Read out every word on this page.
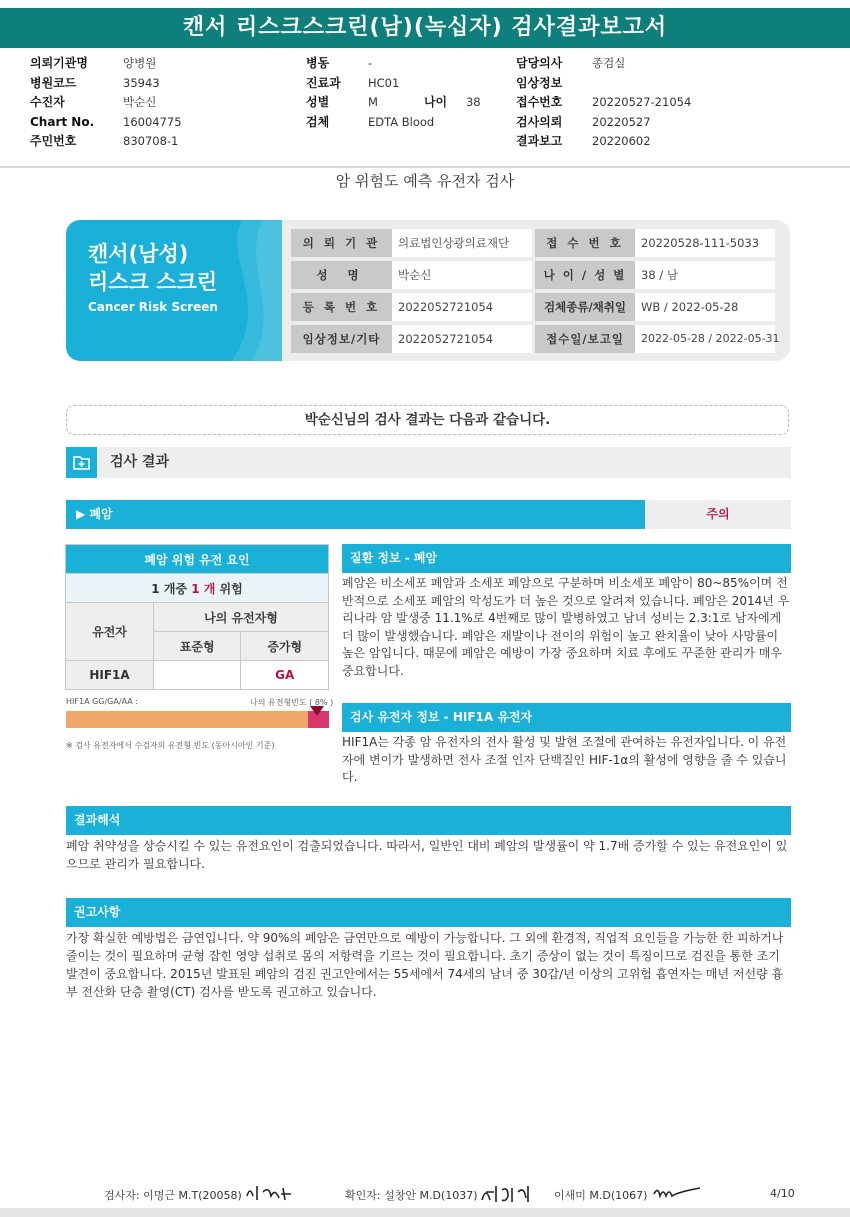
캔서 리스크스크린(남)(녹십자) 검사결과보고서
의뢰기관명	양병원
병원코드	35943
수진자	박순신
Chart No.	16004775
주민번호	830708-1
병동	-
진료과 HC01
성별	M	나이 38
검체	EDTA Blood
담당의사	종검실
임상정보
접수번호	20220527-21054
검사의뢰	20220527
결과보고	20220602
암 위험도 예측 유전자 검사
캔서(남성)
리스크 스크린
Cancer Risk Screen
의 뢰 기 관	의료법인상광의료재단	접 수 번 호	20220528-111-5033
성 명	박순신	나 이 / 성 별	38 / 남
등 록 번 호	2022052721054	검체종류/채취일	WB / 2022-05-28
임상정보/기타	2022052721054	접수일/보고일	2022-05-28 / 2022-05-31
박순신님의 검사 결과는 다음과 같습니다.
검사 결과
▶ 폐암	주의
폐암 위험 유전 요인		
1 개중 1 개 위험		
유전자	나의 유전자형	
	표준형	증가형
HIF1A		GA
HIF1A GG/GA/AA :	나의 유전형빈도 ( 8% )
※ 검사 유전자에서 수검자의 유전형 빈도 (동아시아인 기준)
질환 정보 - 폐암
폐암은 비소세포 폐암과 소세포 폐암으로 구분하며 비소세포 폐암이 80~85%이며 전반적으로 소세포 폐암의 악성도가 더 높은 것으로 알려져 있습니다. 폐암은 2014년 우리나라 암 발생중 11.1%로 4번째로 많이 발병하였고 남녀 성비는 2.3:1로 남자에게 더 많이 발생했습니다. 폐암은 재발이나 전이의 위험이 높고 완치율이 낮아 사망률이 높은 암입니다. 때문에 폐암은 예방이 가장 중요하며 치료 후에도 꾸준한 관리가 매우 중요합니다.
검사 유전자 정보 - HIF1A 유전자
HIF1A는 각종 암 유전자의 전사 활성 및 발현 조절에 관여하는 유전자입니다. 이 유전자에 변이가 발생하면 전사 조절 인자 단백질인 HIF-1α의 활성에 영향을 줄 수 있습니다.
결과해석
폐암 취약성을 상승시킬 수 있는 유전요인이 검출되었습니다. 따라서, 일반인 대비 폐암의 발생률이 약 1.7배 증가할 수 있는 유전요인이 있으므로 관리가 필요합니다.
권고사항
가장 확실한 예방법은 금연입니다. 약 90%의 폐암은 금연만으로 예방이 가능합니다. 그 외에 환경적, 직업적 요인들을 가능한 한 피하거나 줄이는 것이 필요하며 균형 잡힌 영양 섭취로 몸의 저항력을 기르는 것이 필요합니다. 초기 증상이 없는 것이 특징이므로 검진을 통한 조기 발견이 중요합니다. 2015년 발표된 폐암의 검진 권고안에서는 55세에서 74세의 남녀 중 30갑/년 이상의 고위험 흡연자는 매년 저선량 흉부 전산화 단층 촬영(CT) 검사를 받도록 권고하고 있습니다.
검사자: 이명근 M.T(20058)	확인자: 설창안 M.D(1037)	이새미 M.D(1067)	4/10
